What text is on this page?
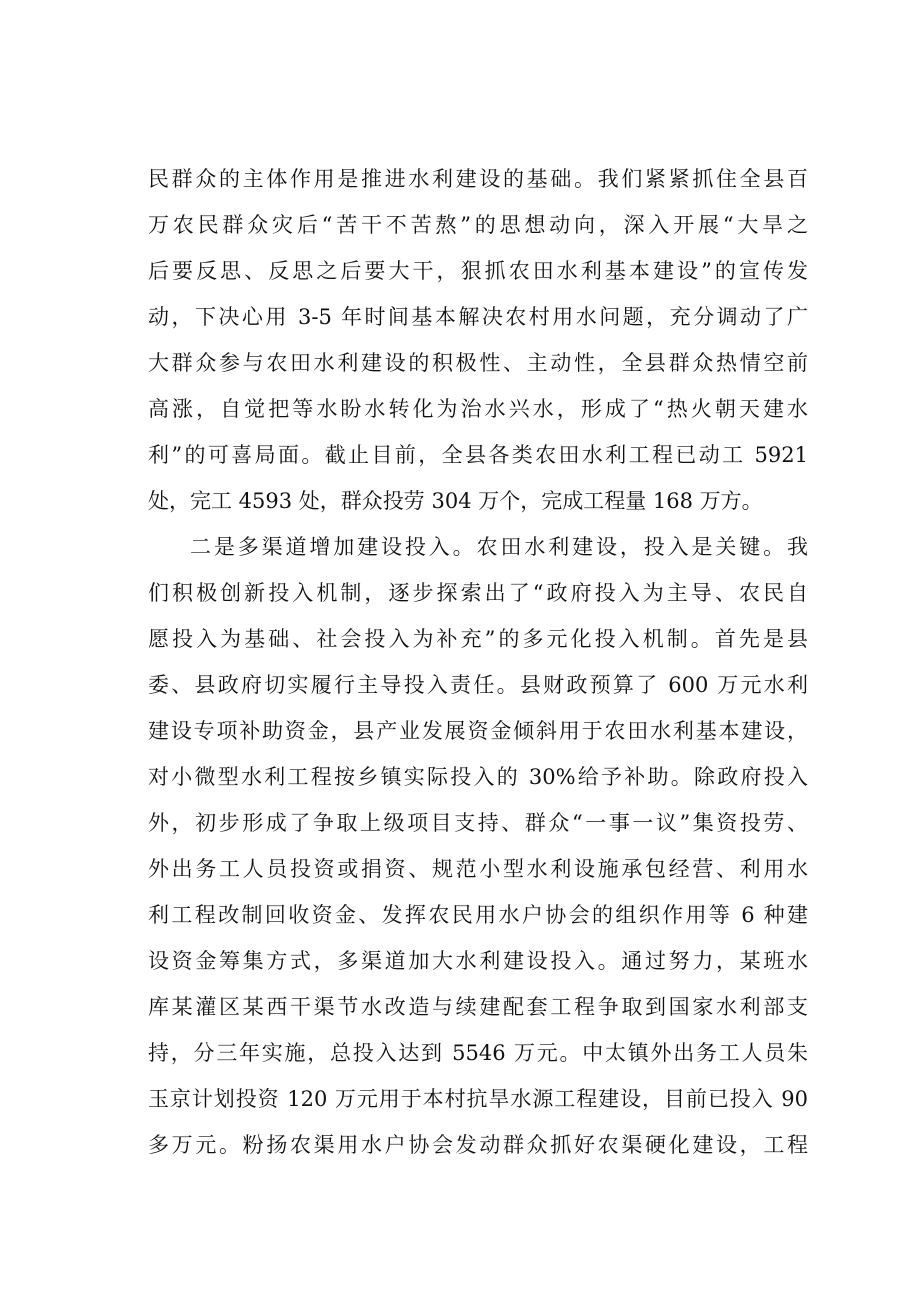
民群众的主体作用是推进水利建设的基础。我们紧紧抓住全县百
万农民群众灾后“苦干不苦熬”的思想动向，深入开展“大旱之
后要反思、反思之后要大干，狠抓农田水利基本建设”的宣传发
动，下决心用 3-5 年时间基本解决农村用水问题，充分调动了广
大群众参与农田水利建设的积极性、主动性，全县群众热情空前
高涨，自觉把等水盼水转化为治水兴水，形成了“热火朝天建水
利”的可喜局面。截止目前，全县各类农田水利工程已动工 5921
处，完工 4593 处，群众投劳 304 万个，完成工程量 168 万方。
二是多渠道增加建设投入。农田水利建设，投入是关键。我
们积极创新投入机制，逐步探索出了“政府投入为主导、农民自
愿投入为基础、社会投入为补充”的多元化投入机制。首先是县
委、县政府切实履行主导投入责任。县财政预算了 600 万元水利
建设专项补助资金，县产业发展资金倾斜用于农田水利基本建设，
对小微型水利工程按乡镇实际投入的 30%给予补助。除政府投入
外，初步形成了争取上级项目支持、群众“一事一议”集资投劳、
外出务工人员投资或捐资、规范小型水利设施承包经营、利用水
利工程改制回收资金、发挥农民用水户协会的组织作用等 6 种建
设资金筹集方式，多渠道加大水利建设投入。通过努力，某班水
库某灌区某西干渠节水改造与续建配套工程争取到国家水利部支
持，分三年实施，总投入达到 5546 万元。中太镇外出务工人员朱
玉京计划投资 120 万元用于本村抗旱水源工程建设，目前已投入 90
多万元。粉扬农渠用水户协会发动群众抓好农渠硬化建设，工程
